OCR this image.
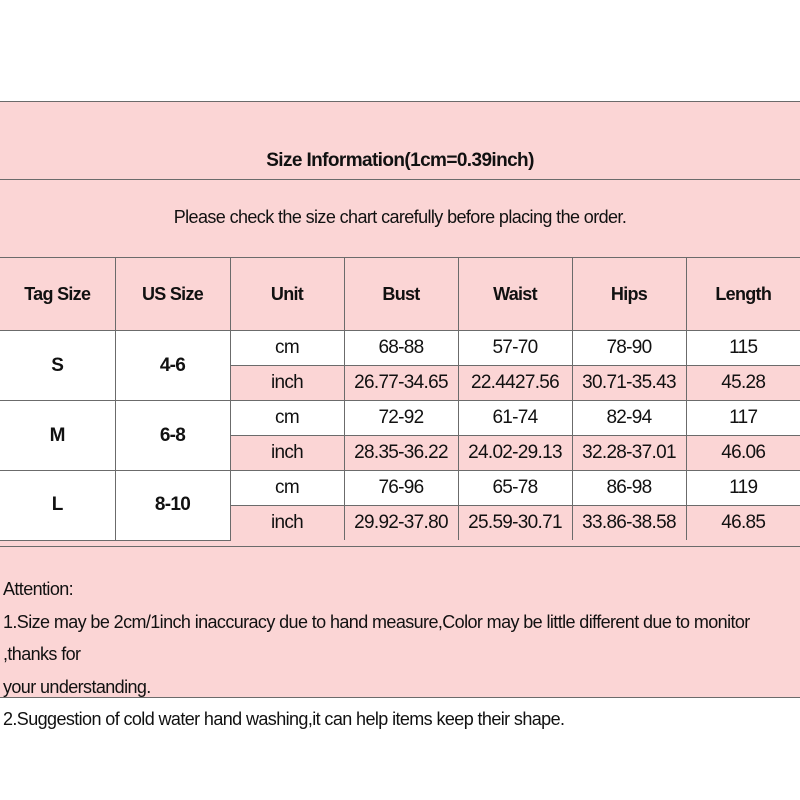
Size Information(1cm=0.39inch)
Please check the size chart carefully before placing the order.
Tag Size	US Size	Unit	Bust	Waist	Hips	Length
S	4-6	cm	68-88	57-70	78-90	115
		inch	26.77-34.65	22.4427.56	30.71-35.43	45.28
M	6-8	cm	72-92	61-74	82-94	117
		inch	28.35-36.22	24.02-29.13	32.28-37.01	46.06
L	8-10	cm	76-96	65-78	86-98	119
		inch	29.92-37.80	25.59-30.71	33.86-38.58	46.85

Attention:

1.Size may be 2cm/1inch inaccuracy due to hand measure,Color may be little different due to monitor ,thanks for

your understanding.

2.Suggestion of cold water hand washing,it can help items keep their shape.
